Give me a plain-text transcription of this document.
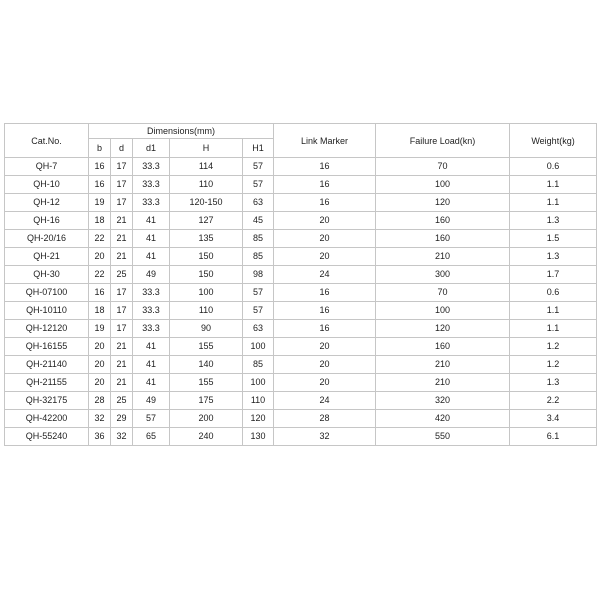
Cat.No.	Dimensions(mm)					Link Marker	Failure Load(kn)	Weight(kg)
	b	d	d1	H	H1			
QH-7	16	17	33.3	114	57	16	70	0.6
QH-10	16	17	33.3	110	57	16	100	1.1
QH-12	19	17	33.3	120-150	63	16	120	1.1
QH-16	18	21	41	127	45	20	160	1.3
QH-20/16	22	21	41	135	85	20	160	1.5
QH-21	20	21	41	150	85	20	210	1.3
QH-30	22	25	49	150	98	24	300	1.7
QH-07100	16	17	33.3	100	57	16	70	0.6
QH-10110	18	17	33.3	110	57	16	100	1.1
QH-12120	19	17	33.3	90	63	16	120	1.1
QH-16155	20	21	41	155	100	20	160	1.2
QH-21140	20	21	41	140	85	20	210	1.2
QH-21155	20	21	41	155	100	20	210	1.3
QH-32175	28	25	49	175	110	24	320	2.2
QH-42200	32	29	57	200	120	28	420	3.4
QH-55240	36	32	65	240	130	32	550	6.1
